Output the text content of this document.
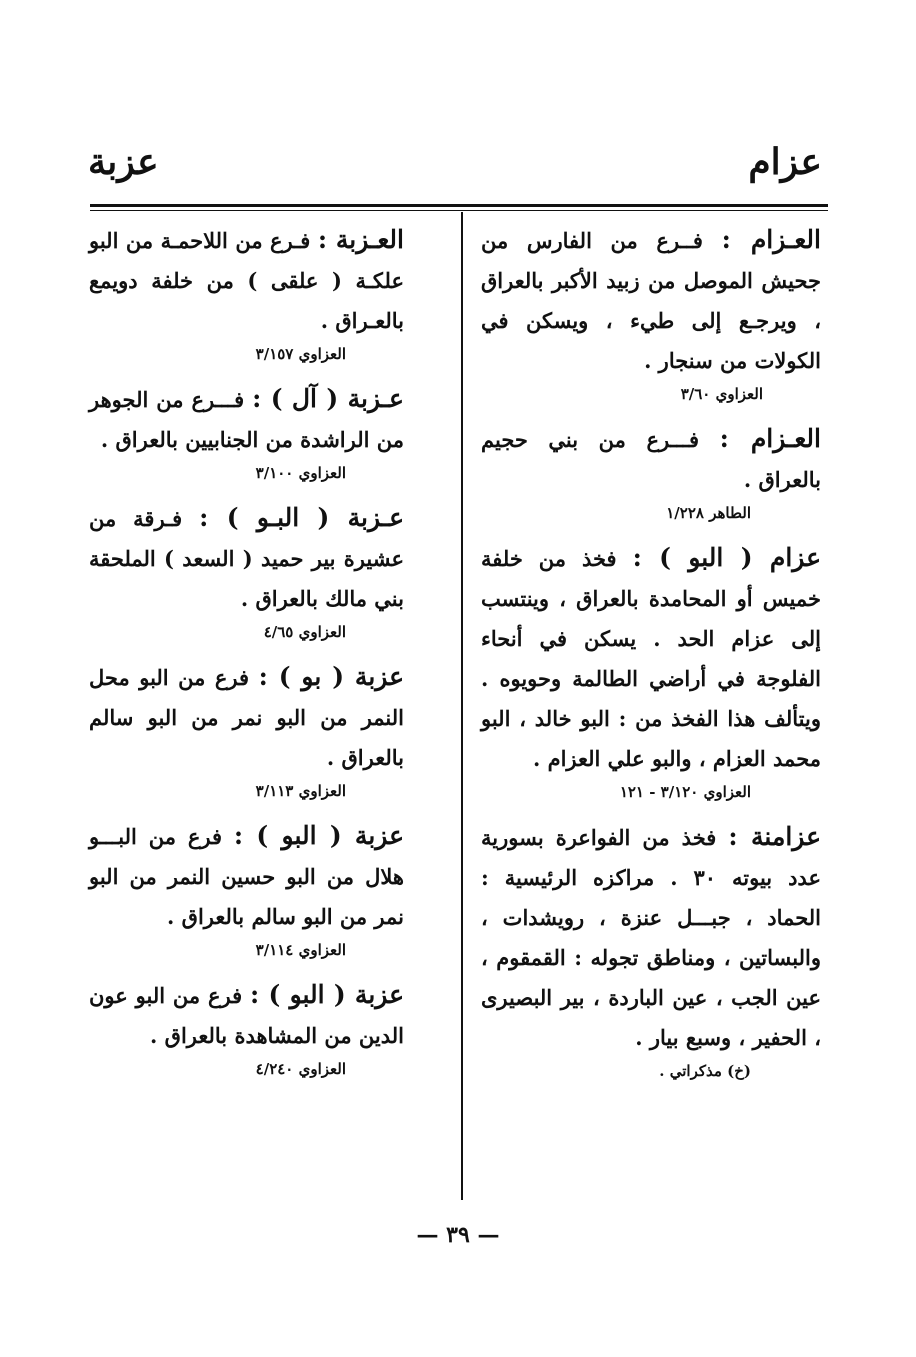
عزام
عزبة
العـزام : فــرع من الفارس من جحيش الموصل من زبيد الأكبر بالعراق ، ويرجـع إلى طيء ، ويسكن في الكولات من سنجار .
العزاوي ٣/٦٠
العـزام : فـــرع من بني حجيم بالعراق .
الطاهر ١/٢٢٨
عزام ( البو ) : فخذ من خلفة خميس أو المحامدة بالعراق ، وينتسب إلى عزام الحد . يسكن في أنحاء الفلوجة في أراضي الطالمة وحويوه . ويتألف هذا الفخذ من : البو خالد ، البو محمد العزام ، والبو علي العزام .
العزاوي ٣/١٢٠ - ١٢١
عزامنة : فخذ من الفواعرة بسورية عدد بيوته ٣٠ . مراكزه الرئيسية : الحماد ، جبـــل عنزة ، رويشدات ، والبساتين ، ومناطق تجوله : القمقوم ، عين الجب ، عين الباردة ، بير البصيرى ، الحفير ، وسبع بيار .
(خ) مذكراتي .
العـزبة : فـرع من اللاحمـة من البو علكـة ( علقى ) من خلفة دويمع بالعـراق .
العزاوي ٣/١٥٧
عـزبة ( آل ) : فـــرع من الجوهر من الراشدة من الجنابيين بالعراق .
العزاوي ٣/١٠٠
عـزبة ( البـو ) : فـرقة من عشيرة بير حميد ( السعد ) الملحقة بني مالك بالعراق .
العزاوي ٤/٦٥
عزبة ( بو ) : فرع من البو محل النمر من البو نمر من البو سالم بالعراق .
العزاوي ٣/١١٣
عزبة ( البو ) : فرع من البـــو هلال من البو حسين النمر من البو نمر من البو سالم بالعراق .
العزاوي ٣/١١٤
عزبة ( البو ) : فرع من البو عون الدين من المشاهدة بالعراق .
العزاوي ٤/٢٤٠
— ٣٩ —
